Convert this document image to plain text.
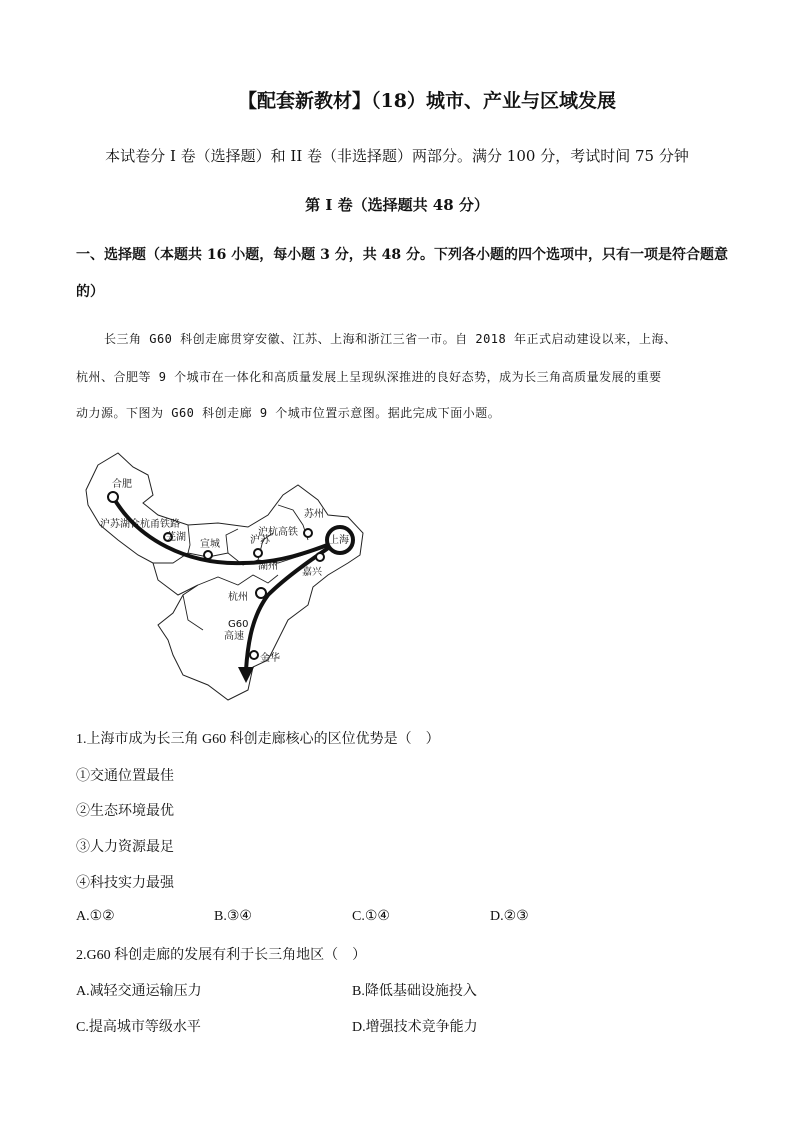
【配套新教材】（18）城市、产业与区域发展
本试卷分 I 卷（选择题）和 II 卷（非选择题）两部分。满分 100 分，考试时间 75 分钟
第 I 卷（选择题共 48 分）
一、选择题（本题共 16 小题，每小题 3 分，共 48 分。下列各小题的四个选项中，只有一项是符合题意
的）
长三角 G60 科创走廊贯穿安徽、江苏、上海和浙江三省一市。自 2018 年正式启动建设以来，上海、
杭州、合肥等 9 个城市在一体化和高质量发展上呈现纵深推进的良好态势，成为长三角高质量发展的重要
动力源。下图为 G60 科创走廊 9 个城市位置示意图。据此完成下面小题。
合肥
沪苏湖合杭甬铁路
芜湖
宣城	沪苏
沪杭高铁
苏州
上海
湖州
嘉兴
杭州
G60
高速
金华
1.上海市成为长三角 G60 科创走廊核心的区位优势是（　）
①交通位置最佳
②生态环境最优
③人力资源最足
④科技实力最强
A.①②	B.③④	C.①④	D.②③
2.G60 科创走廊的发展有利于长三角地区（　）
A.减轻交通运输压力	B.降低基础设施投入
C.提高城市等级水平	D.增强技术竞争能力
